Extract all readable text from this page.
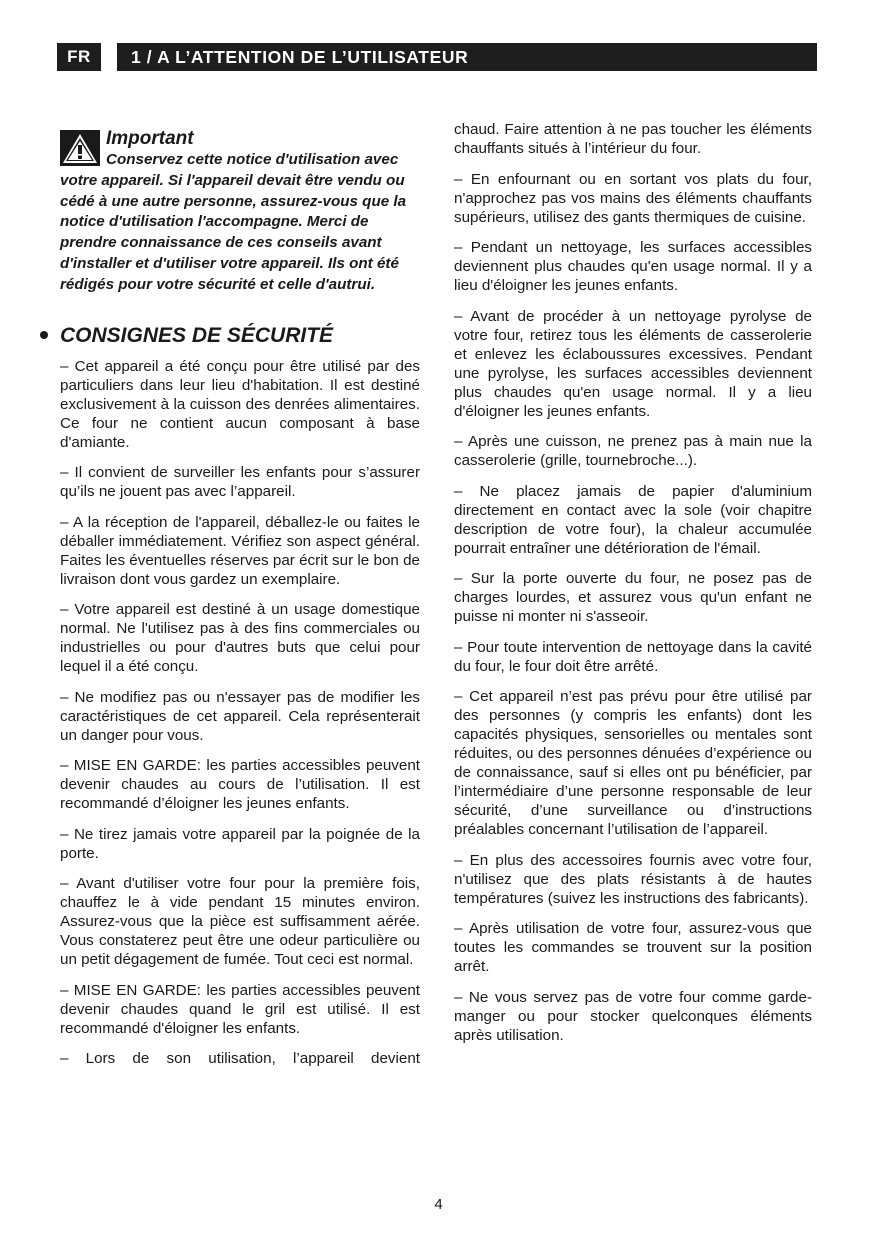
FR	1 / A L’ATTENTION DE L’UTILISATEUR
Important
Conservez cette notice d'utilisation avec votre appareil. Si l'appareil devait être vendu ou cédé à une autre personne, assurez-vous que la notice d'utilisation l'accompagne. Merci de prendre connaissance de ces conseils avant d'installer et d'utiliser votre appareil. Ils ont été rédigés pour votre sécurité et celle d'autrui.
CONSIGNES DE SÉCURITÉ

– Cet appareil a été conçu pour être utilisé par des particuliers dans leur lieu d'habitation. Il est destiné exclusivement à la cuisson des denrées alimentaires. Ce four ne contient aucun composant à base d'amiante.

– Il convient de surveiller les enfants pour s’assurer qu’ils ne jouent pas avec l’appareil.

– A la réception de l'appareil, déballez-le ou faites le déballer immédiatement. Vérifiez son aspect général. Faites les éventuelles réserves par écrit sur le bon de livraison dont vous gardez un exemplaire.

– Votre appareil est destiné à un usage domestique normal. Ne l'utilisez pas à des fins commerciales ou industrielles ou pour d'autres buts que celui pour lequel il a été conçu.

– Ne modifiez pas ou n'essayer pas de modifier les caractéristiques de cet appareil. Cela représenterait un danger pour vous.

– MISE EN GARDE: les parties accessibles peuvent devenir chaudes au cours de l’utilisation. Il est recommandé d’éloigner les jeunes enfants.

– Ne tirez jamais votre appareil par la poignée de la porte.

– Avant d'utiliser votre four pour la première fois, chauffez le à vide pendant 15 minutes environ. Assurez-vous que la pièce est suffisamment aérée. Vous constaterez peut être une odeur particulière ou un petit dégagement de fumée. Tout ceci est normal.

– MISE EN GARDE: les parties accessibles peuvent devenir chaudes quand le gril est utilisé. Il est recommandé d'éloigner les enfants.

– Lors de son utilisation, l’appareil devient

chaud. Faire attention à ne pas toucher les éléments chauffants situés à l’intérieur du four.

– En enfournant ou en sortant vos plats du four, n'approchez pas vos mains des éléments chauffants supérieurs, utilisez des gants thermiques de cuisine.

– Pendant un nettoyage, les surfaces accessibles deviennent plus chaudes qu'en usage normal. Il y a lieu d'éloigner les jeunes enfants.

– Avant de procéder à un nettoyage pyrolyse de votre four, retirez tous les éléments de casserolerie et enlevez les éclaboussures excessives. Pendant une pyrolyse, les surfaces accessibles deviennent plus chaudes qu'en usage normal. Il y a lieu d'éloigner les jeunes enfants.

– Après une cuisson, ne prenez pas à main nue la casserolerie (grille, tournebroche...).

– Ne placez jamais de papier d'aluminium directement en contact avec la sole (voir chapitre description de votre four), la chaleur accumulée pourrait entraîner une détérioration de l'émail.

– Sur la porte ouverte du four, ne posez pas de charges lourdes, et assurez vous qu'un enfant ne puisse ni monter ni s'asseoir.

– Pour toute intervention de nettoyage dans la cavité du four, le four doit être arrêté.

– Cet appareil n’est pas prévu pour être utilisé par des personnes (y compris les enfants) dont les capacités physiques, sensorielles ou mentales sont réduites, ou des personnes dénuées d’expérience ou de connaissance, sauf si elles ont pu bénéficier, par l’intermédiaire d’une personne responsable de leur sécurité, d’une surveillance ou d’instructions préalables concernant l’utilisation de l’appareil.

– En plus des accessoires fournis avec votre four, n'utilisez que des plats résistants à de hautes températures (suivez les instructions des fabricants).

– Après utilisation de votre four, assurez-vous que toutes les commandes se trouvent sur la position arrêt.

– Ne vous servez pas de votre four comme garde-manger ou pour stocker quelconques éléments après utilisation.

4
